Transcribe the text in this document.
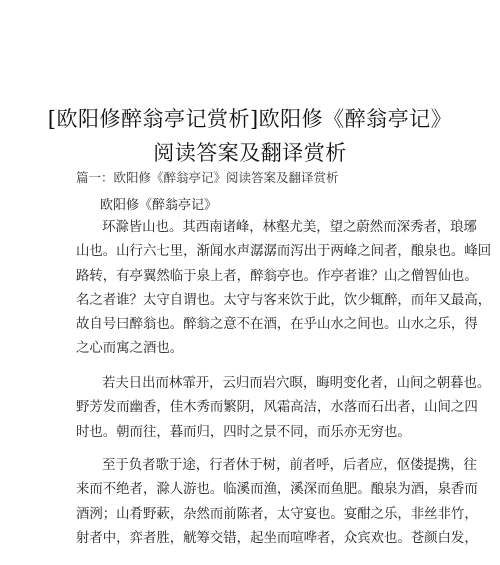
[欧阳修醉翁亭记赏析]欧阳修《醉翁亭记》
阅读答案及翻译赏析
篇一：欧阳修《醉翁亭记》阅读答案及翻译赏析
欧阳修《醉翁亭记》
环滁皆山也。其西南诸峰，林壑尤美，望之蔚然而深秀者，琅琊
山也。山行六七里，渐闻水声潺潺而泻出于两峰之间者，酿泉也。峰回
路转，有亭翼然临于泉上者，醉翁亭也。作亭者谁？山之僧智仙也。
名之者谁？太守自谓也。太守与客来饮于此，饮少辄醉，而年又最高，
故自号曰醉翁也。醉翁之意不在酒，在乎山水之间也。山水之乐，得
之心而寓之酒也。
若夫日出而林霏开，云归而岩穴暝，晦明变化者，山间之朝暮也。
野芳发而幽香，佳木秀而繁阴，风霜高洁，水落而石出者，山间之四
时也。朝而往，暮而归，四时之景不同，而乐亦无穷也。
至于负者歌于途，行者休于树，前者呼，后者应，伛偻提携，往
来而不绝者，滁人游也。临溪而渔，溪深而鱼肥。酿泉为酒，泉香而
酒洌；山肴野蔌，杂然而前陈者，太守宴也。宴酣之乐，非丝非竹，
射者中，弈者胜，觥筹交错，起坐而喧哗者，众宾欢也。苍颜白发，
